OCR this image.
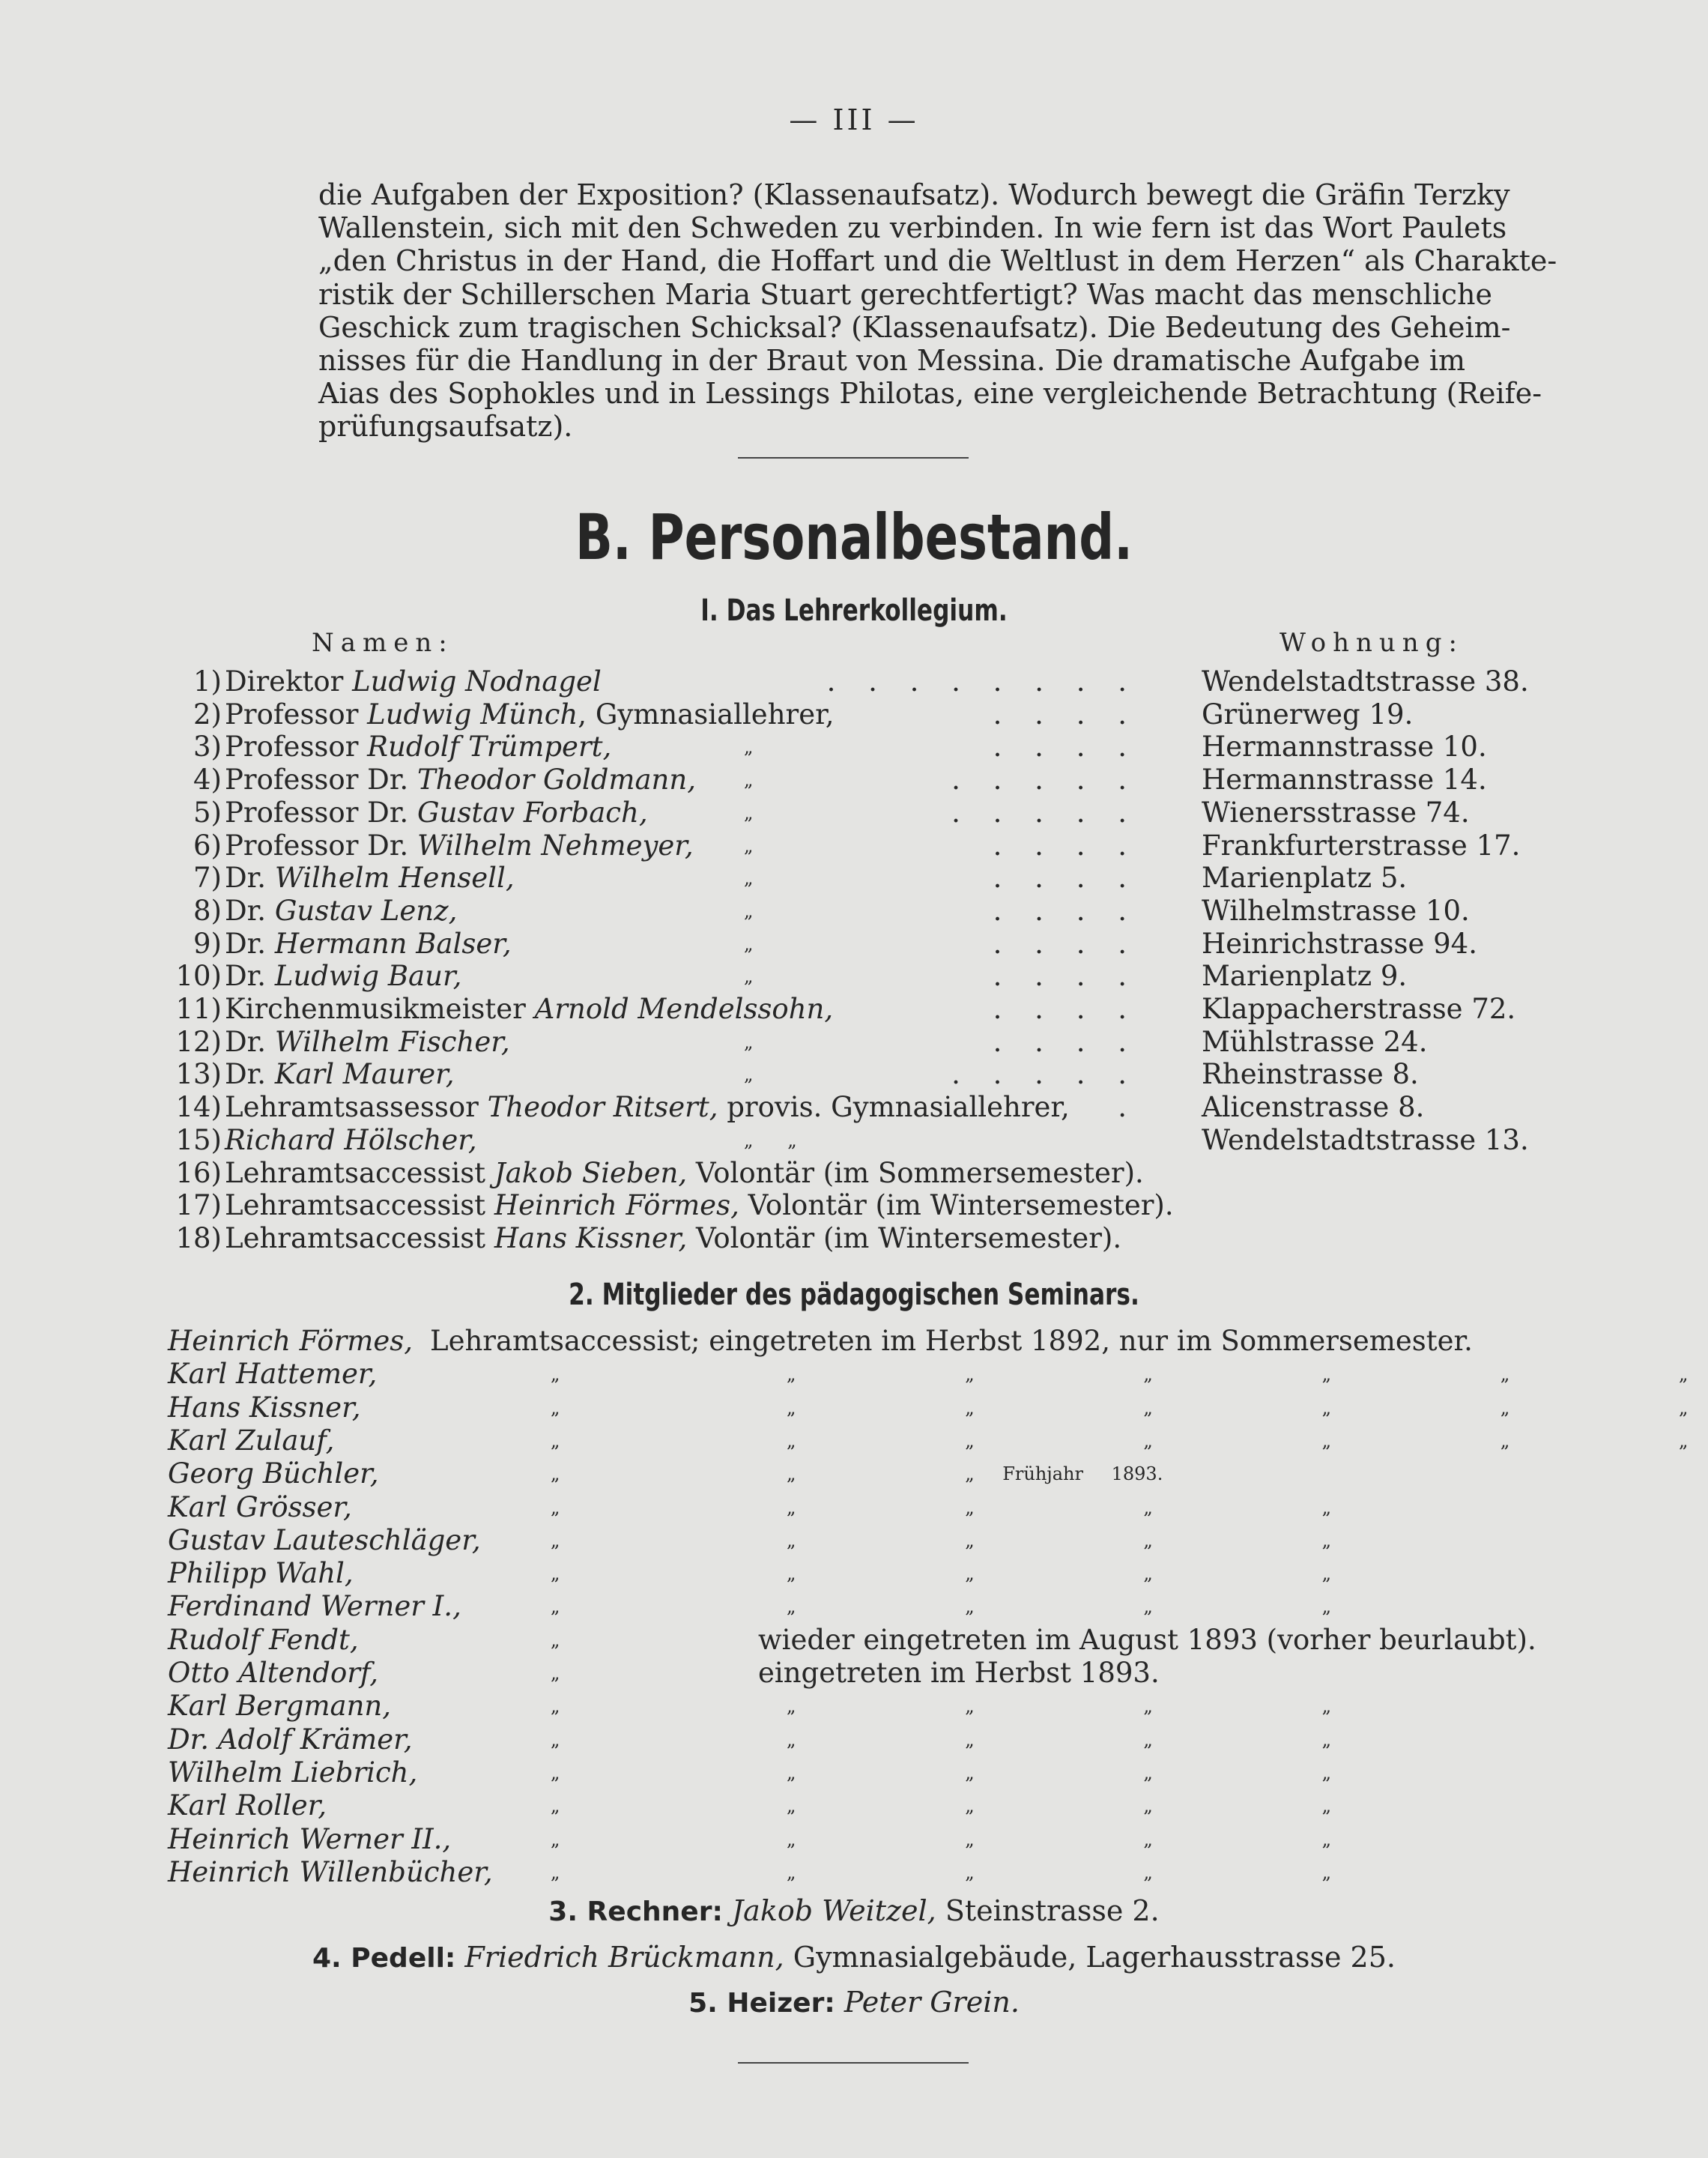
— III —
die Aufgaben der Exposition? (Klassenaufsatz). Wodurch bewegt die Gräfin Terzky
Wallenstein, sich mit den Schweden zu verbinden. In wie fern ist das Wort Paulets
„den Christus in der Hand, die Hoffart und die Weltlust in dem Herzen“ als Charakte-
ristik der Schillerschen Maria Stuart gerechtfertigt? Was macht das menschliche
Geschick zum tragischen Schicksal? (Klassenaufsatz). Die Bedeutung des Geheim-
nisses für die Handlung in der Braut von Messina. Die dramatische Aufgabe im
Aias des Sophokles und in Lessings Philotas, eine vergleichende Betrachtung (Reife-
prüfungsaufsatz).
B. Personalbestand.
I. Das Lehrerkollegium.
Namen:	Wohnung:
1) Direktor Ludwig Nodnagel	. . . . . . . . Wendelstadtstrasse 38.
2) Professor Ludwig Münch, Gymnasiallehrer,	. . . . Grünerweg 19.
3) Professor Rudolf Trümpert,	„	. . . . Hermannstrasse 10.
4) Professor Dr. Theodor Goldmann,	„	. . . . . Hermannstrasse 14.
5) Professor Dr. Gustav Forbach,	„	. . . . . Wienersstrasse 74.
6) Professor Dr. Wilhelm Nehmeyer,	„	. . . . Frankfurterstrasse 17.
7) Dr. Wilhelm Hensell,	„	. . . . Marienplatz 5.
8) Dr. Gustav Lenz,	„	. . . . Wilhelmstrasse 10.
9) Dr. Hermann Balser,	„	. . . . Heinrichstrasse 94.
10) Dr. Ludwig Baur,	„	. . . . Marienplatz 9.
11) Kirchenmusikmeister Arnold Mendelssohn,	. . . . Klappacherstrasse 72.
12) Dr. Wilhelm Fischer,	„	. . . . Mühlstrasse 24.
13) Dr. Karl Maurer,	„	. . . . . Rheinstrasse 8.
14) Lehramtsassessor Theodor Ritsert, provis. Gymnasiallehrer, . Alicenstrasse 8.
15) Richard Hölscher,	„      „	Wendelstadtstrasse 13.
16) Lehramtsaccessist Jakob Sieben, Volontär (im Sommersemester).
17) Lehramtsaccessist Heinrich Förmes, Volontär (im Wintersemester).
18) Lehramtsaccessist Hans Kissner, Volontär (im Wintersemester).
2. Mitglieder des pädagogischen Seminars.
Heinrich Förmes, Lehramtsaccessist; eingetreten im Herbst 1892, nur im Sommersemester.
Karl Hattemer,	„	„      „      „      „      „      „
Hans Kissner,	„	„      „      „      „      „      „
Karl Zulauf,	„	„      „      „      „      „      „
Georg Büchler,	„	„      „ Frühjahr 1893.
Karl Grösser,	„	„      „      „      „
Gustav Lauteschläger,	„	„      „      „      „
Philipp Wahl,	„	„      „      „      „
Ferdinand Werner I.,	„	„      „      „      „
Rudolf Fendt,	„	wieder eingetreten im August 1893 (vorher beurlaubt).
Otto Altendorf,	„	eingetreten im Herbst 1893.
Karl Bergmann,	„	„      „      „      „
Dr. Adolf Krämer,	„	„      „      „      „
Wilhelm Liebrich,	„	„      „      „      „
Karl Roller,	„	„      „      „      „
Heinrich Werner II.,	„	„      „      „      „
Heinrich Willenbücher,	„	„      „      „      „
3. Rechner: Jakob Weitzel, Steinstrasse 2.
4. Pedell: Friedrich Brückmann, Gymnasialgebäude, Lagerhausstrasse 25.
5. Heizer: Peter Grein.
